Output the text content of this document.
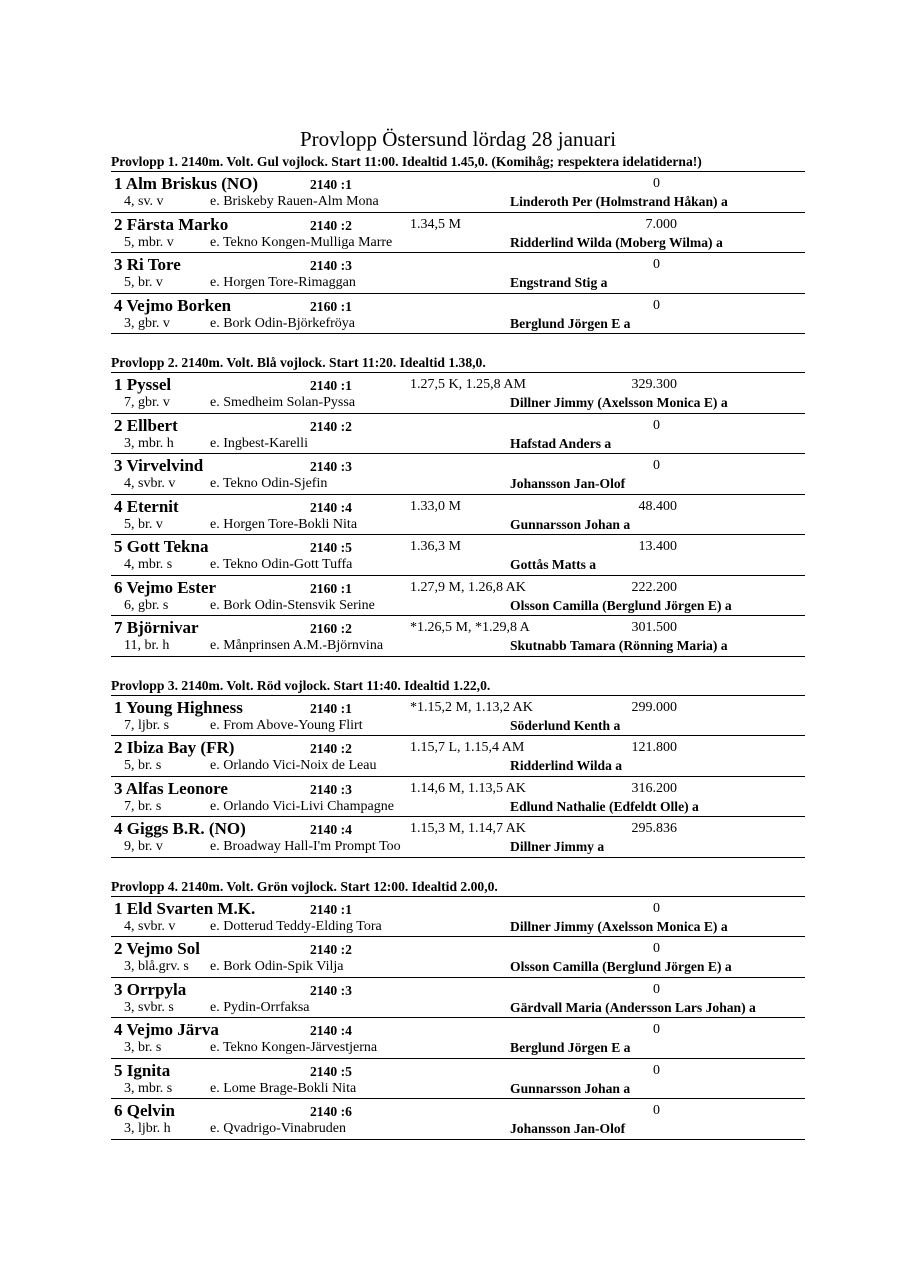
Provlopp Östersund lördag 28 januari
Provlopp 1. 2140m. Volt. Gul vojlock. Start 11:00. Idealtid 1.45,0. (Komihåg; respektera idelatiderna!)
1 Alm Briskus (NO)	2140 :1	0
4, sv. v	e. Briskeby Rauen-Alm Mona	Linderoth Per (Holmstrand Håkan) a
2 Färsta Marko	2140 :2	1.34,5 M	7.000
5, mbr. v	e. Tekno Kongen-Mulliga Marre	Ridderlind Wilda (Moberg Wilma) a
3 Ri Tore	2140 :3	0
5, br. v	e. Horgen Tore-Rimaggan	Engstrand Stig a
4 Vejmo Borken	2160 :1	0
3, gbr. v	e. Bork Odin-Björkefröya	Berglund Jörgen E a
Provlopp 2. 2140m. Volt. Blå vojlock. Start 11:20. Idealtid 1.38,0.
1 Pyssel	2140 :1	1.27,5 K, 1.25,8 AM	329.300
7, gbr. v	e. Smedheim Solan-Pyssa	Dillner Jimmy (Axelsson Monica E) a
2 Ellbert	2140 :2	0
3, mbr. h	e. Ingbest-Karelli	Hafstad Anders a
3 Virvelvind	2140 :3	0
4, svbr. v e. Tekno Odin-Sjefin	Johansson Jan-Olof
4 Eternit	2140 :4	1.33,0 M	48.400
5, br. v	e. Horgen Tore-Bokli Nita	Gunnarsson Johan a
5 Gott Tekna	2140 :5	1.36,3 M	13.400
4, mbr. s	e. Tekno Odin-Gott Tuffa	Gottås Matts a
6 Vejmo Ester	2160 :1	1.27,9 M, 1.26,8 AK	222.200
6, gbr. s	e. Bork Odin-Stensvik Serine	Olsson Camilla (Berglund Jörgen E) a
7 Björnivar	2160 :2	*1.26,5 M, *1.29,8 A	301.500
11, br. h	e. Månprinsen A.M.-Björnvina	Skutnabb Tamara (Rönning Maria) a
Provlopp 3. 2140m. Volt. Röd vojlock. Start 11:40. Idealtid 1.22,0.
1 Young Highness	2140 :1	*1.15,2 M, 1.13,2 AK	299.000
7, ljbr. s	e. From Above-Young Flirt	Söderlund Kenth a
2 Ibiza Bay (FR)	2140 :2	1.15,7 L, 1.15,4 AM	121.800
5, br. s	e. Orlando Vici-Noix de Leau	Ridderlind Wilda a
3 Alfas Leonore	2140 :3	1.14,6 M, 1.13,5 AK	316.200
7, br. s	e. Orlando Vici-Livi Champagne	Edlund Nathalie (Edfeldt Olle) a
4 Giggs B.R. (NO)	2140 :4	1.15,3 M, 1.14,7 AK	295.836
9, br. v	e. Broadway Hall-I'm Prompt Too	Dillner Jimmy a
Provlopp 4. 2140m. Volt. Grön vojlock. Start 12:00. Idealtid 2.00,0.
1 Eld Svarten M.K.	2140 :1	0
4, svbr. v e. Dotterud Teddy-Elding Tora	Dillner Jimmy (Axelsson Monica E) a
2 Vejmo Sol	2140 :2	0
3, blå.grv. s e. Bork Odin-Spik Vilja	Olsson Camilla (Berglund Jörgen E) a
3 Orrpyla	2140 :3	0
3, svbr. s	e. Pydin-Orrfaksa	Gärdvall Maria (Andersson Lars Johan) a
4 Vejmo Järva	2140 :4	0
3, br. s	e. Tekno Kongen-Järvestjerna	Berglund Jörgen E a
5 Ignita	2140 :5	0
3, mbr. s	e. Lome Brage-Bokli Nita	Gunnarsson Johan a
6 Qelvin	2140 :6	0
3, ljbr. h	e. Qvadrigo-Vinabruden	Johansson Jan-Olof
